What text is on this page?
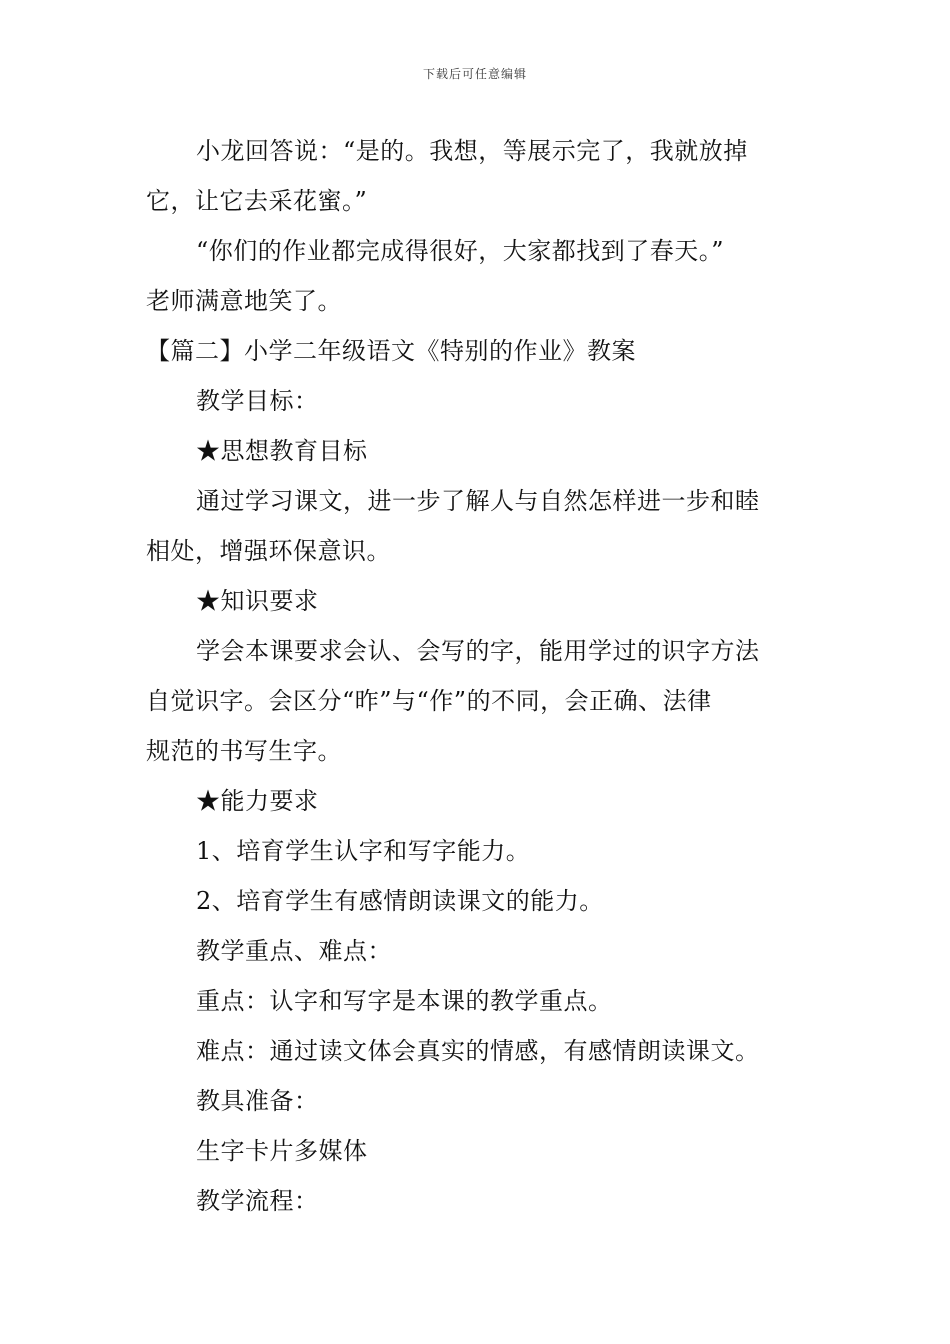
下载后可任意编辑
小龙回答说：“是的。我想，等展示完了，我就放掉
它，让它去采花蜜。”
“你们的作业都完成得很好，大家都找到了春天。”
老师满意地笑了。
【篇二】小学二年级语文《特别的作业》教案
教学目标：
★思想教育目标
通过学习课文，进一步了解人与自然怎样进一步和睦
相处，增强环保意识。
★知识要求
学会本课要求会认、会写的字，能用学过的识字方法
自觉识字。会区分“昨”与“作”的不同，会正确、法律
规范的书写生字。
★能力要求
1、培育学生认字和写字能力。
2、培育学生有感情朗读课文的能力。
教学重点、难点：
重点：认字和写字是本课的教学重点。
难点：通过读文体会真实的情感，有感情朗读课文。
教具准备：
生字卡片多媒体
教学流程：
